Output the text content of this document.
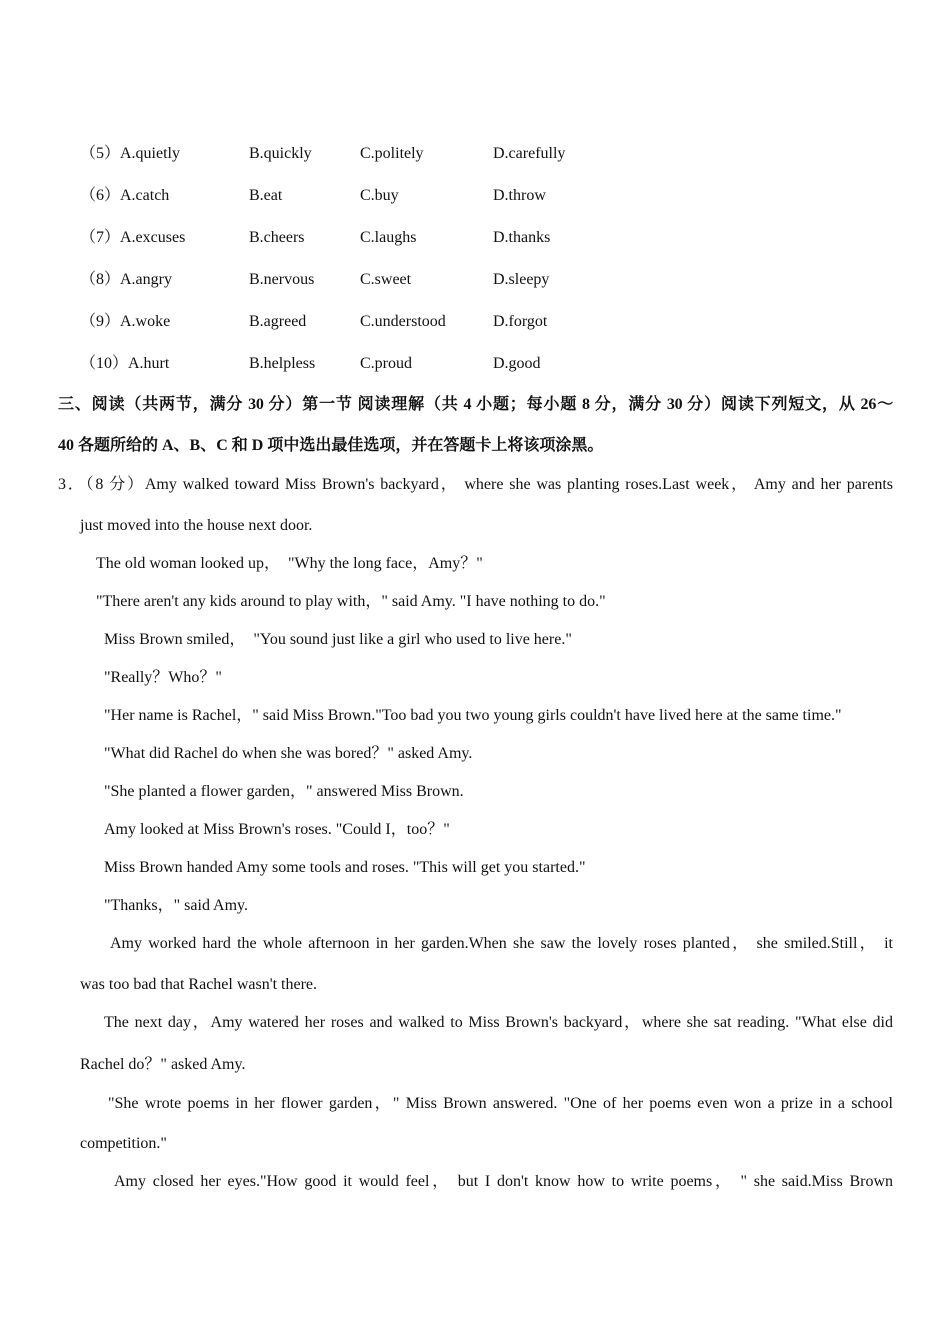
（5）A.quietly	B.quickly	C.politely	D.carefully
（6）A.catch	B.eat	C.buy	D.throw
（7）A.excuses	B.cheers	C.laughs	D.thanks
（8）A.angry	B.nervous	C.sweet	D.sleepy
（9）A.woke	B.agreed	C.understood	D.forgot
（10）A.hurt	B.helpless	C.proud	D.good
三、阅读（共两节，满分 30 分）第一节 阅读理解（共 4 小题；每小题 8 分，满分 30 分）阅读下列短文，从 26～
40 各题所给的 A、B、C 和 D 项中选出最佳选项，并在答题卡上将该项涂黑。
3．（8 分）Amy walked toward Miss Brown's backyard， where she was planting roses.Last week， Amy and her parents
just moved into the house next door.
The old woman looked up，  "Why the long face，Amy？"
"There aren't any kids around to play with，" said Amy. "I have nothing to do."
Miss Brown smiled，  "You sound just like a girl who used to live here."
"Really？Who？"
"Her name is Rachel，" said Miss Brown."Too bad you two young girls couldn't have lived here at the same time."
"What did Rachel do when she was bored？" asked Amy.
"She planted a flower garden，" answered Miss Brown.
Amy looked at Miss Brown's roses. "Could I，too？"
Miss Brown handed Amy some tools and roses. "This will get you started."
"Thanks，" said Amy.
Amy worked hard the whole afternoon in her garden.When she saw the lovely roses planted， she smiled.Still， it
was too bad that Rachel wasn't there.
The next day，Amy watered her roses and walked to Miss Brown's backyard，where she sat reading. "What else did
Rachel do？" asked Amy.
"She wrote poems in her flower garden，" Miss Brown answered. "One of her poems even won a prize in a school
competition."
Amy closed her eyes."How good it would feel， but I don't know how to write poems， " she said.Miss Brown
